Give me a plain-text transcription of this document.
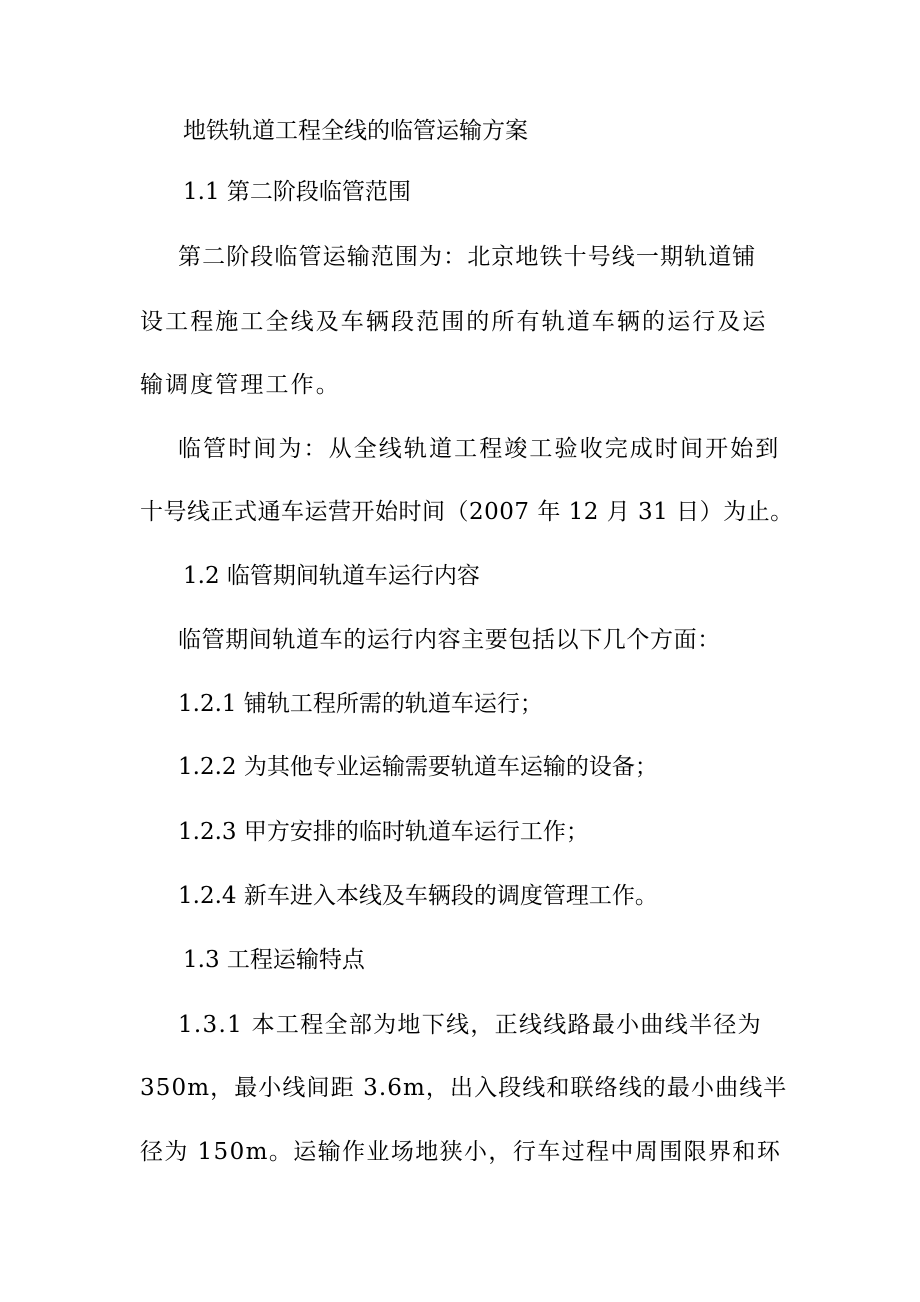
地铁轨道工程全线的临管运输方案
1.1 第二阶段临管范围
第二阶段临管运输范围为：北京地铁十号线一期轨道铺
设工程施工全线及车辆段范围的所有轨道车辆的运行及运
输调度管理工作。
临管时间为：从全线轨道工程竣工验收完成时间开始到
十号线正式通车运营开始时间（2007 年 12 月 31 日）为止。
1.2 临管期间轨道车运行内容
临管期间轨道车的运行内容主要包括以下几个方面：
1.2.1 铺轨工程所需的轨道车运行；
1.2.2 为其他专业运输需要轨道车运输的设备；
1.2.3 甲方安排的临时轨道车运行工作；
1.2.4 新车进入本线及车辆段的调度管理工作。
1.3 工程运输特点
1.3.1 本工程全部为地下线，正线线路最小曲线半径为
350m，最小线间距 3.6m，出入段线和联络线的最小曲线半
径为 150m。运输作业场地狭小，行车过程中周围限界和环
